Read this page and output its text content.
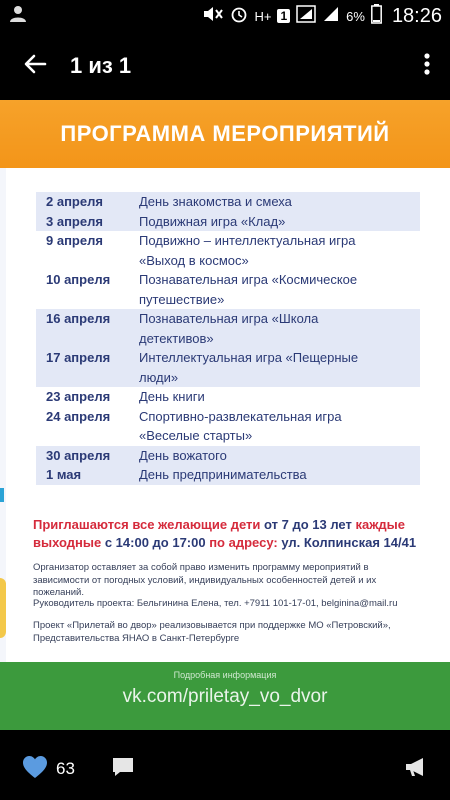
H+ 1	6% 18:26
1 из 1
ПРОГРАММА МЕРОПРИЯТИЙ
2 апреля	День знакомства и смеха
3 апреля	Подвижная игра «Клад»
9 апреля	Подвижно – интеллектуальная игра
«Выход в космос»
10 апреля	Познавательная игра «Космическое
путешествие»
16 апреля	Познавательная игра «Школа
детективов»
17 апреля	Интеллектуальная игра «Пещерные
люди»
23 апреля	День книги
24 апреля	Спортивно-развлекательная игра
«Веселые старты»
30 апреля	День вожатого
1 мая	День предпринимательства
Приглашаются все желающие дети от 7 до 13 лет каждые выходные с 14:00 до 17:00 по адресу: ул. Колпинская 14/41
Организатор оставляет за собой право изменить программу мероприятий в зависимости от погодных условий, индивидуальных особенностей детей и их пожеланий.
Руководитель проекта: Бельгинина Елена, тел. +7911 101-17-01, belginina@mail.ru
Проект «Прилетай во двор» реализовывается при поддержке МО «Петровский», Представительства ЯНАО в Санкт-Петербурге
Подробная информация
vk.com/priletay_vo_dvor
63
